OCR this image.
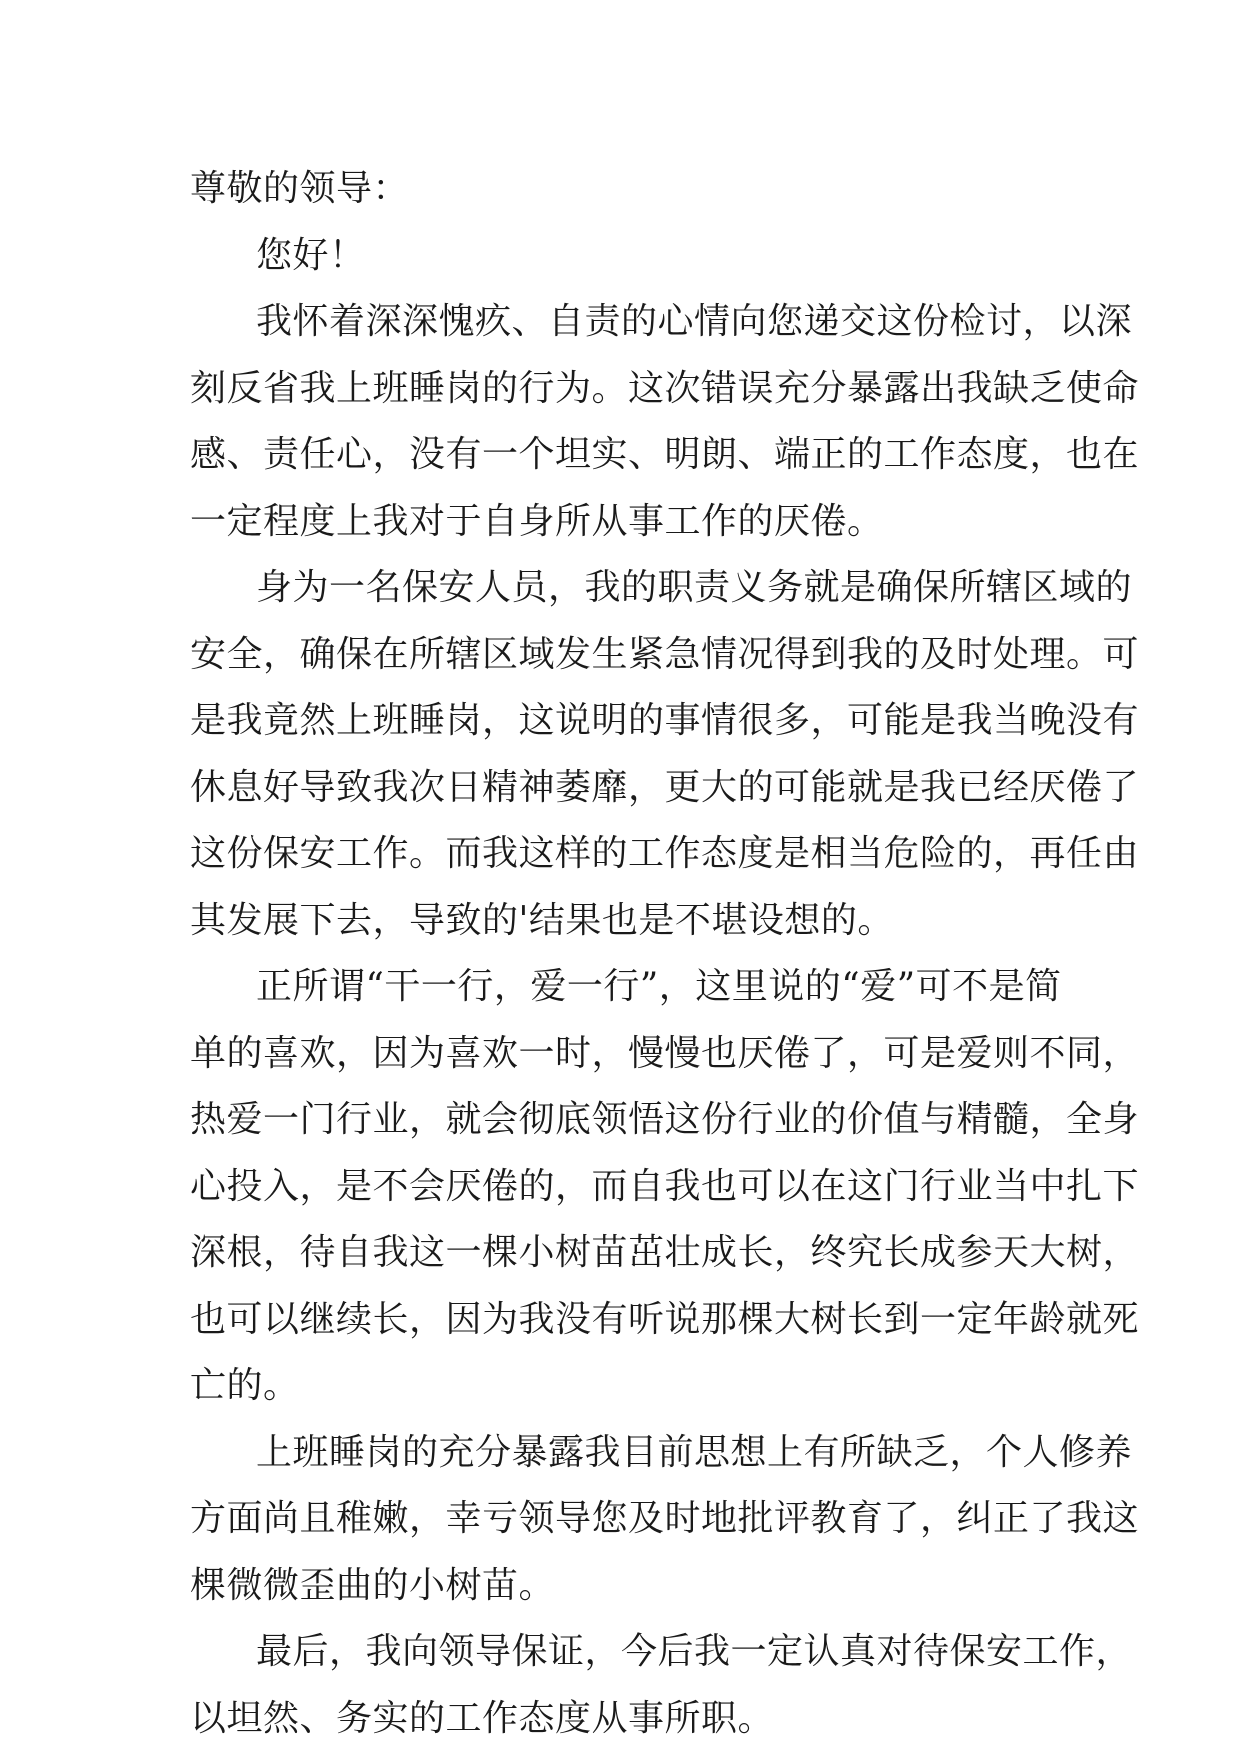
尊敬的领导：
您好！
我怀着深深愧疚、自责的心情向您递交这份检讨，以深
刻反省我上班睡岗的行为。这次错误充分暴露出我缺乏使命
感、责任心，没有一个坦实、明朗、端正的工作态度，也在
一定程度上我对于自身所从事工作的厌倦。
身为一名保安人员，我的职责义务就是确保所辖区域的
安全，确保在所辖区域发生紧急情况得到我的及时处理。可
是我竟然上班睡岗，这说明的事情很多，可能是我当晚没有
休息好导致我次日精神萎靡，更大的可能就是我已经厌倦了
这份保安工作。而我这样的工作态度是相当危险的，再任由
其发展下去，导致的'结果也是不堪设想的。
正所谓“干一行，爱一行”，这里说的“爱”可不是简
单的喜欢，因为喜欢一时，慢慢也厌倦了，可是爱则不同，
热爱一门行业，就会彻底领悟这份行业的价值与精髓，全身
心投入，是不会厌倦的，而自我也可以在这门行业当中扎下
深根，待自我这一棵小树苗茁壮成长，终究长成参天大树，
也可以继续长，因为我没有听说那棵大树长到一定年龄就死
亡的。
上班睡岗的充分暴露我目前思想上有所缺乏，个人修养
方面尚且稚嫩，幸亏领导您及时地批评教育了，纠正了我这
棵微微歪曲的小树苗。
最后，我向领导保证，今后我一定认真对待保安工作，
以坦然、务实的工作态度从事所职。
